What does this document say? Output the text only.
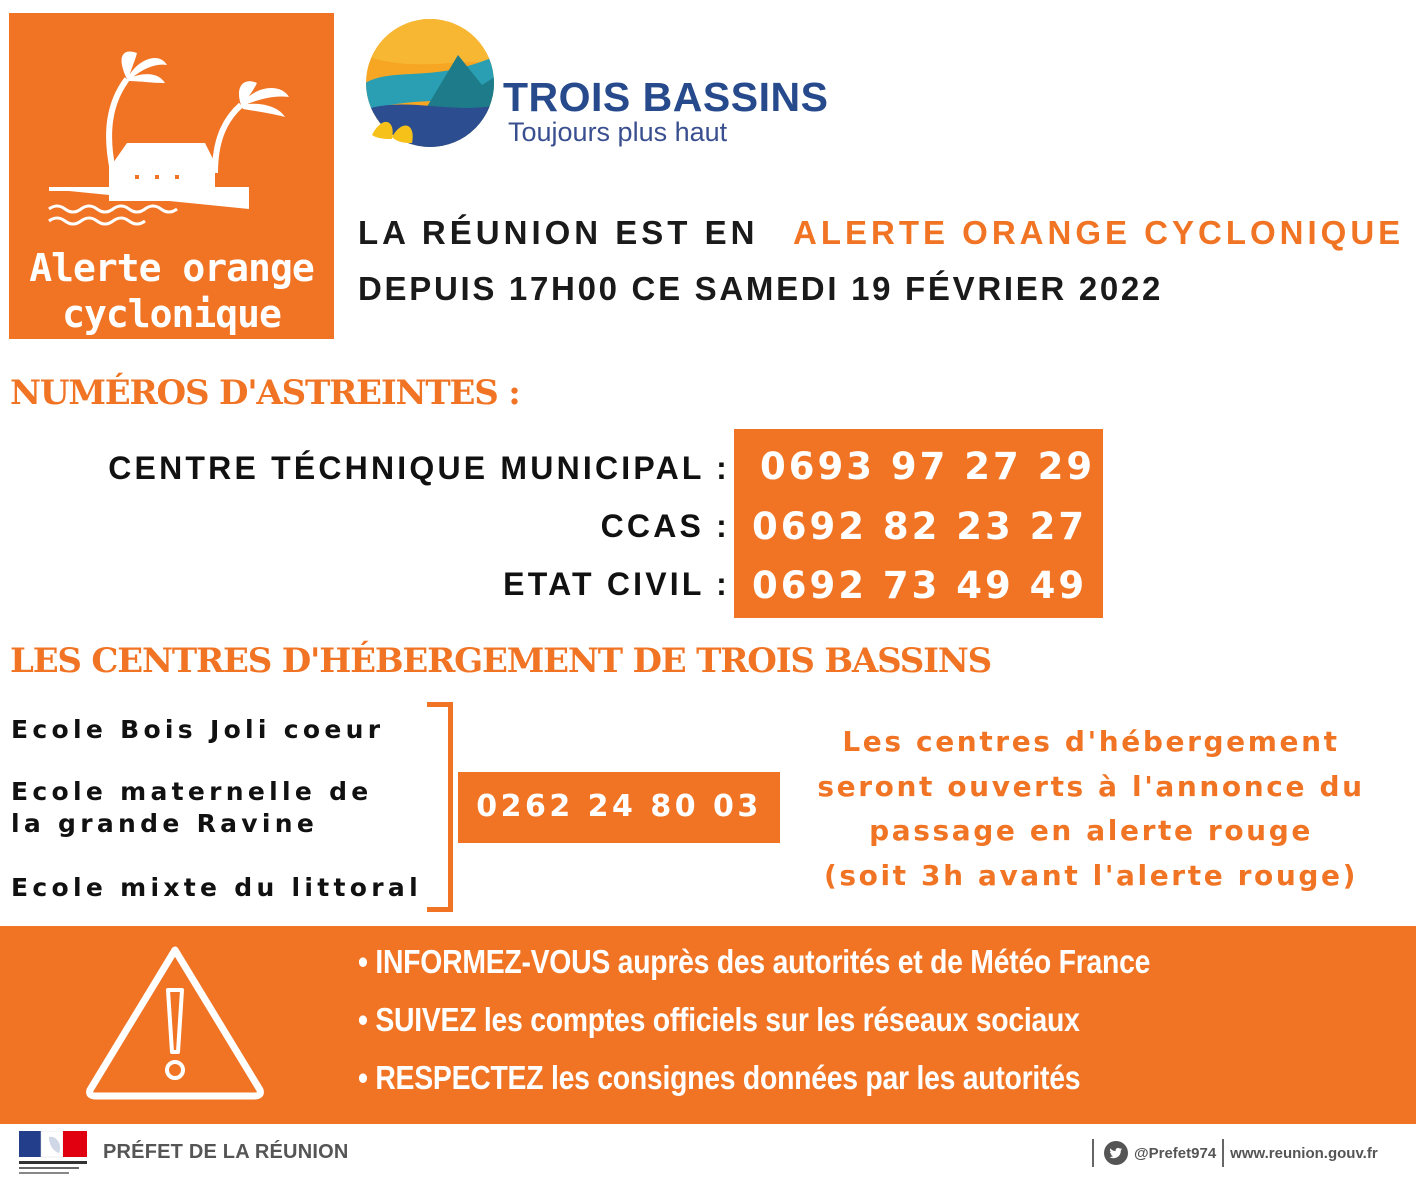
Alerte orange
cyclonique
TROIS BASSINS
Toujours plus haut
LA RÉUNION EST EN ALERTE ORANGE CYCLONIQUE
DEPUIS 17H00 CE SAMEDI 19 FÉVRIER 2022
NUMÉROS D'ASTREINTES :
CENTRE TÉCHNIQUE MUNICIPAL :
CCAS :
ETAT CIVIL :
0693 97 27 29
0692 82 23 27
0692 73 49 49
LES CENTRES D'HÉBERGEMENT DE TROIS BASSINS
Ecole Bois Joli coeur
Ecole maternelle de
la grande Ravine
Ecole mixte du littoral
0262 24 80 03
Les centres d'hébergement
seront ouverts à l'annonce du
passage en alerte rouge
(soit 3h avant l'alerte rouge)
• INFORMEZ-VOUS auprès des autorités et de Météo France
• SUIVEZ les comptes officiels sur les réseaux sociaux
• RESPECTEZ les consignes données par les autorités
PRÉFET DE LA RÉUNION	@Prefet974 www.reunion.gouv.fr
